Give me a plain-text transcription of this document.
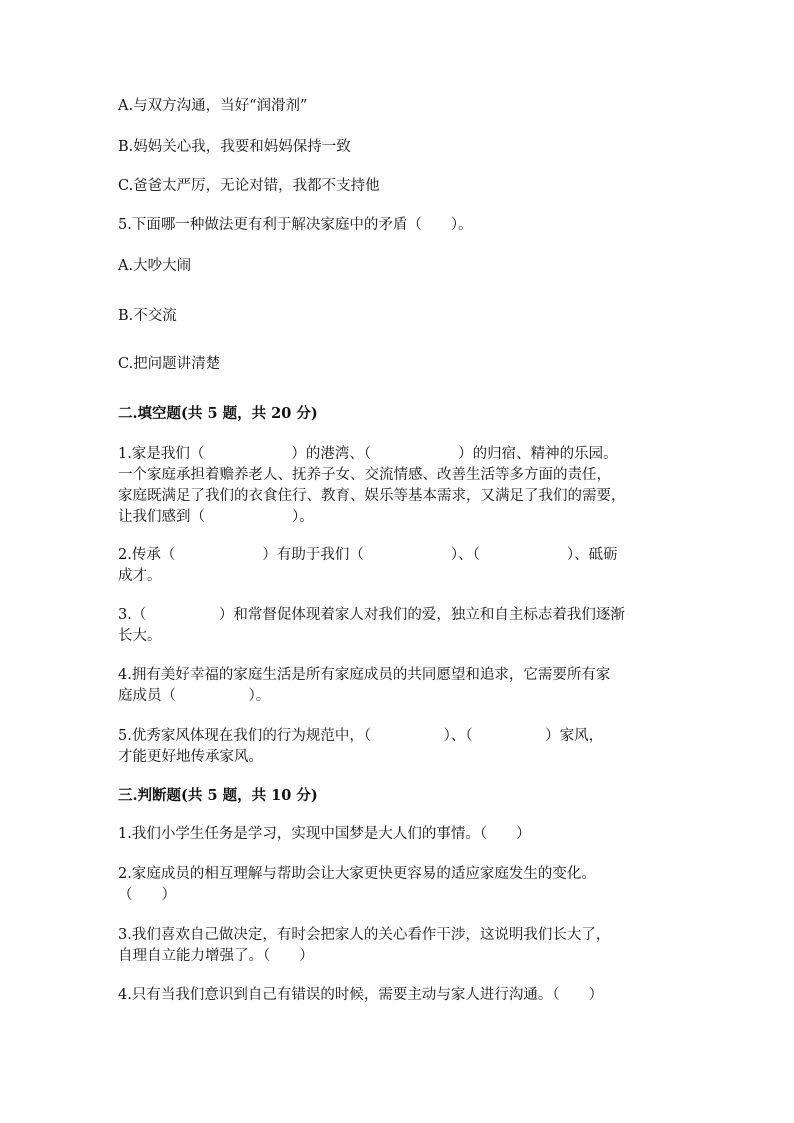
A.与双方沟通，当好“润滑剂”

B.妈妈关心我，我要和妈妈保持一致

C.爸爸太严厉，无论对错，我都不支持他

5.下面哪一种做法更有利于解决家庭中的矛盾（　　）。

A.大吵大闹

B.不交流

C.把问题讲清楚

二.填空题(共 5 题，共 20 分)

1.家是我们（　　　　　　）的港湾、（　　　　　　）的归宿、精神的乐园。

一个家庭承担着赡养老人、抚养子女、交流情感、改善生活等多方面的责任，

家庭既满足了我们的衣食住行、教育、娱乐等基本需求，又满足了我们的需要，

让我们感到（　　　　　　）。

2.传承（　　　　　　）有助于我们（　　　　　　）、（　　　　　　）、砥砺

成才。

3.（　　　　　）和常督促体现着家人对我们的爱，独立和自主标志着我们逐渐

长大。

4.拥有美好幸福的家庭生活是所有家庭成员的共同愿望和追求，它需要所有家

庭成员（　　　　　）。

5.优秀家风体现在我们的行为规范中，（　　　　　）、（　　　　　）家风，

才能更好地传承家风。

三.判断题(共 5 题，共 10 分)

1.我们小学生任务是学习，实现中国梦是大人们的事情。（　　）

2.家庭成员的相互理解与帮助会让大家更快更容易的适应家庭发生的变化。

（　　）

3.我们喜欢自己做决定，有时会把家人的关心看作干涉，这说明我们长大了，

自理自立能力增强了。（　　）

4.只有当我们意识到自己有错误的时候，需要主动与家人进行沟通。（　　）
